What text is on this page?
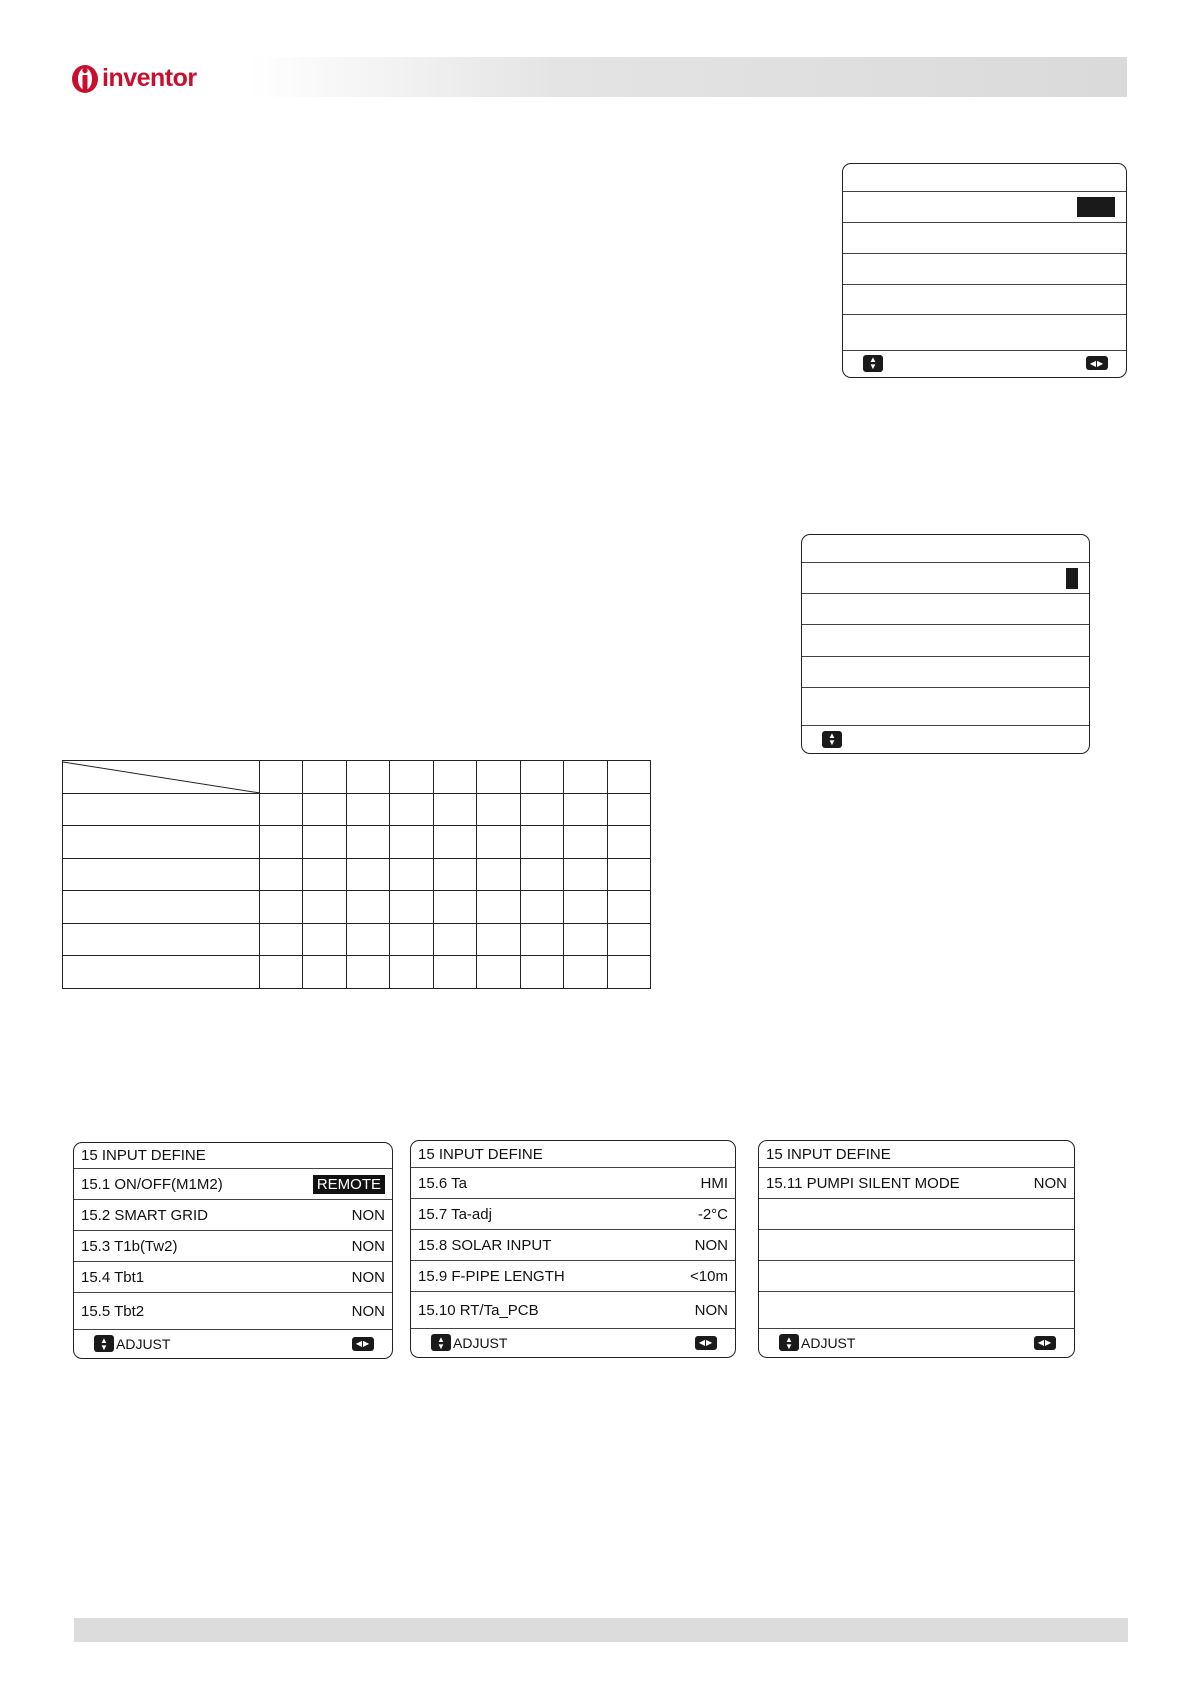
inventor
▲
▼	◀▶
▲
▼

15 INPUT DEFINE
15.1 ON/OFF(M1M2)	REMOTE
15.2 SMART GRID	NON
15.3 T1b(Tw2)	NON
15.4 Tbt1	NON
15.5 Tbt2	NON
▲
▼ ADJUST	◀▶
15 INPUT DEFINE
15.6 Ta	HMI
15.7 Ta-adj	-2°C
15.8 SOLAR INPUT	NON
15.9 F-PIPE LENGTH	<10m
15.10 RT/Ta_PCB	NON
▲
▼ ADJUST	◀▶
15 INPUT DEFINE
15.11 PUMPI SILENT MODE	NON
▲
▼ ADJUST	◀▶
